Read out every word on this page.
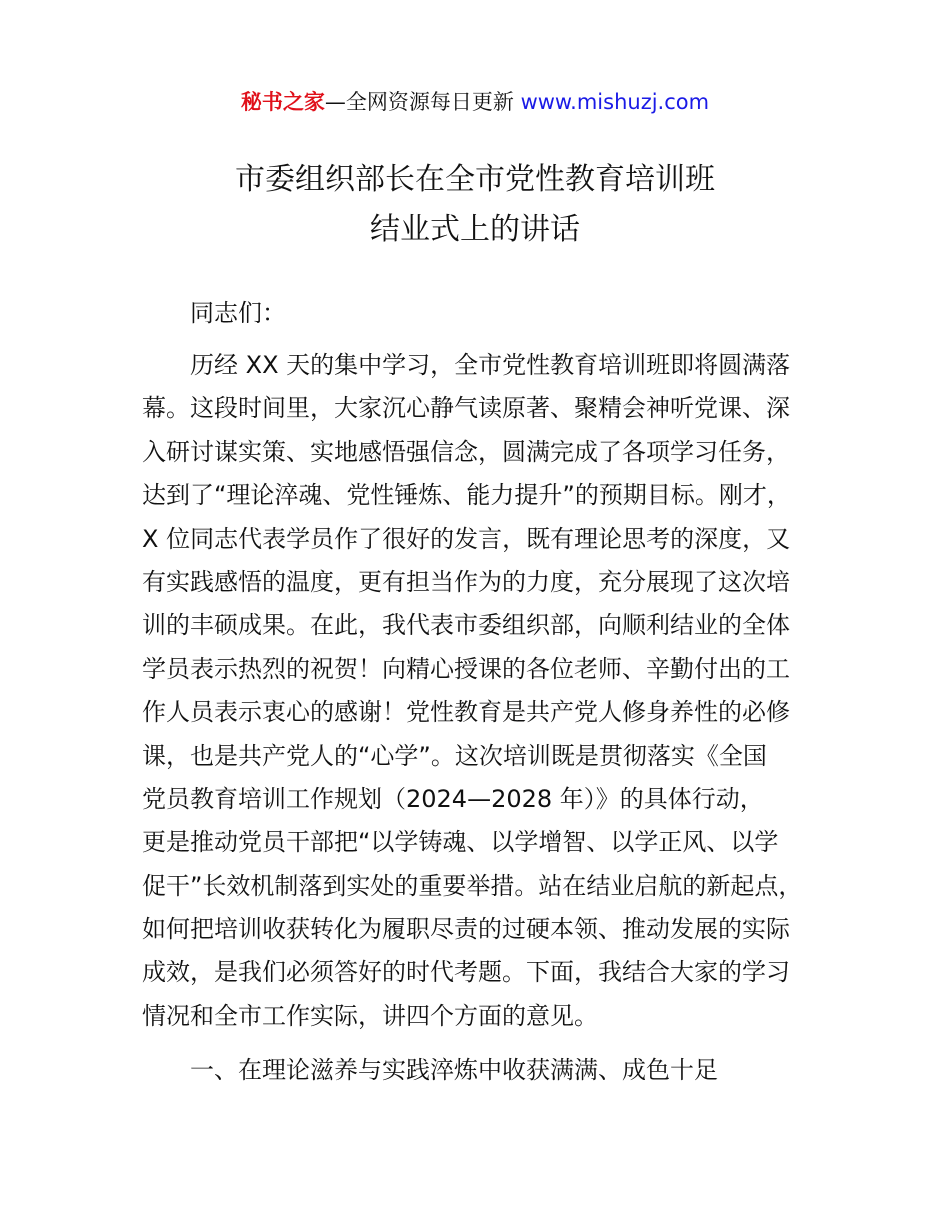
秘书之家—全网资源每日更新 www.mishuzj.com
市委组织部长在全市党性教育培训班
结业式上的讲话
同志们：
历经 XX 天的集中学习，全市党性教育培训班即将圆满落
幕。这段时间里，大家沉心静气读原著、聚精会神听党课、深
入研讨谋实策、实地感悟强信念，圆满完成了各项学习任务，
达到了“理论淬魂、党性锤炼、能力提升”的预期目标。刚才，
X 位同志代表学员作了很好的发言，既有理论思考的深度，又
有实践感悟的温度，更有担当作为的力度，充分展现了这次培
训的丰硕成果。在此，我代表市委组织部，向顺利结业的全体
学员表示热烈的祝贺！向精心授课的各位老师、辛勤付出的工
作人员表示衷心的感谢！党性教育是共产党人修身养性的必修
课，也是共产党人的“心学”。这次培训既是贯彻落实《全国
党员教育培训工作规划（2024—2028 年）》的具体行动，
更是推动党员干部把“以学铸魂、以学增智、以学正风、以学
促干”长效机制落到实处的重要举措。站在结业启航的新起点，
如何把培训收获转化为履职尽责的过硬本领、推动发展的实际
成效，是我们必须答好的时代考题。下面，我结合大家的学习
情况和全市工作实际，讲四个方面的意见。
一、在理论滋养与实践淬炼中收获满满、成色十足
